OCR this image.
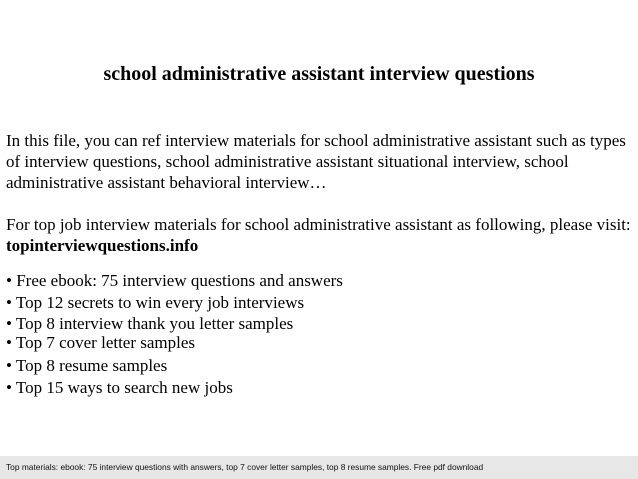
school administrative assistant interview questions
In this file, you can ref interview materials for school administrative assistant such as types of interview questions, school administrative assistant situational interview, school administrative assistant behavioral interview…
For top job interview materials for school administrative assistant as following, please visit: topinterviewquestions.info
• Free ebook: 75 interview questions and answers
• Top 12 secrets to win every job interviews
• Top 8 interview thank you letter samples
• Top 7 cover letter samples
• Top 8 resume samples
• Top 15 ways to search new jobs
Top materials: ebook: 75 interview questions with answers, top 7 cover letter samples, top 8 resume samples. Free pdf download
